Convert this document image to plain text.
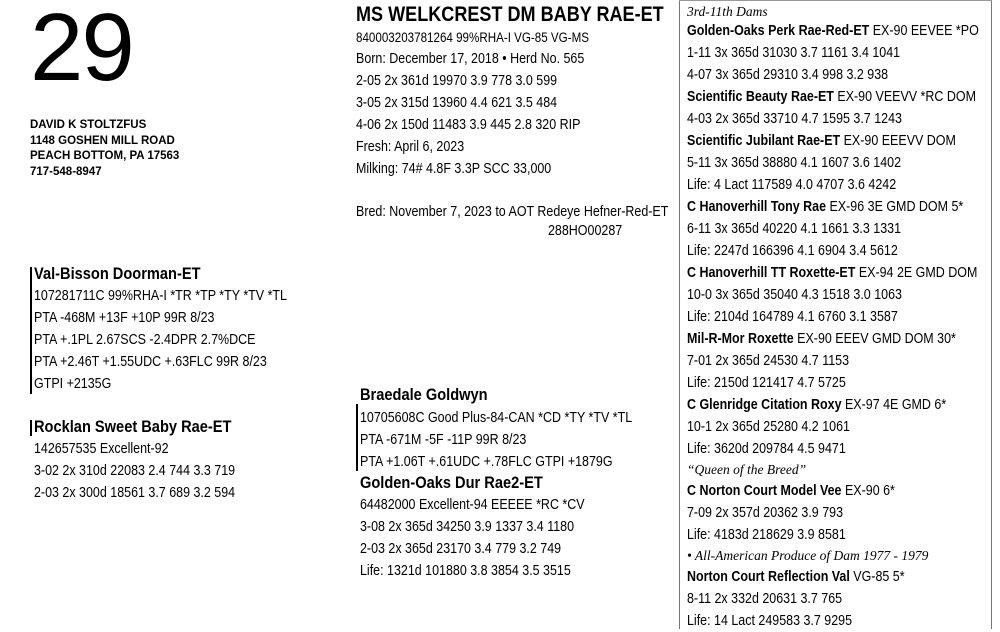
29
DAVID K STOLTZFUS
1148 GOSHEN MILL ROAD
PEACH BOTTOM, PA 17563
717-548-8947
MS WELKCREST DM BABY RAE-ET
840003203781264 99%RHA-I VG-85 VG-MS
Born: December 17, 2018 • Herd No. 565
2-05 2x 361d 19970 3.9 778 3.0 599
3-05 2x 315d 13960 4.4 621 3.5 484
4-06 2x 150d 11483 3.9 445 2.8 320 RIP
Fresh: April 6, 2023
Milking: 74# 4.8F 3.3P SCC 33,000
Bred: November 7, 2023 to AOT Redeye Hefner-Red-ET
288HO00287
Val-Bisson Doorman-ET
107281711C 99%RHA-I *TR *TP *TY *TV *TL
PTA -468M +13F +10P 99R 8/23
PTA +.1PL 2.67SCS -2.4DPR 2.7%DCE
PTA +2.46T +1.55UDC +.63FLC 99R 8/23
GTPI +2135G
Rocklan Sweet Baby Rae-ET
142657535 Excellent-92
3-02 2x 310d 22083 2.4 744 3.3 719
2-03 2x 300d 18561 3.7 689 3.2 594
Braedale Goldwyn
10705608C Good Plus-84-CAN *CD *TY *TV *TL
PTA -671M -5F -11P 99R 8/23
PTA +1.06T +.61UDC +.78FLC GTPI +1879G
Golden-Oaks Dur Rae2-ET
64482000 Excellent-94 EEEEE *RC *CV
3-08 2x 365d 34250 3.9 1337 3.4 1180
2-03 2x 365d 23170 3.4 779 3.2 749
Life: 1321d 101880 3.8 3854 3.5 3515
3rd-11th Dams
Golden-Oaks Perk Rae-Red-ET EX-90 EEVEE *PO
1-11 3x 365d 31030 3.7 1161 3.4 1041
4-07 3x 365d 29310 3.4 998 3.2 938
Scientific Beauty Rae-ET EX-90 VEEVV *RC DOM
4-03 2x 365d 33710 4.7 1595 3.7 1243
Scientific Jubilant Rae-ET EX-90 EEEVV DOM
5-11 3x 365d 38880 4.1 1607 3.6 1402
Life: 4 Lact 117589 4.0 4707 3.6 4242
C Hanoverhill Tony Rae EX-96 3E GMD DOM 5*
6-11 3x 365d 40220 4.1 1661 3.3 1331
Life: 2247d 166396 4.1 6904 3.4 5612
C Hanoverhill TT Roxette-ET EX-94 2E GMD DOM
10-0 3x 365d 35040 4.3 1518 3.0 1063
Life: 2104d 164789 4.1 6760 3.1 3587
Mil-R-Mor Roxette EX-90 EEEV GMD DOM 30*
7-01 2x 365d 24530 4.7 1153
Life: 2150d 121417 4.7 5725
C Glenridge Citation Roxy EX-97 4E GMD 6*
10-1 2x 365d 25280 4.2 1061
Life: 3620d 209784 4.5 9471
“Queen of the Breed”
C Norton Court Model Vee EX-90 6*
7-09 2x 357d 20362 3.9 793
Life: 4183d 218629 3.9 8581
• All-American Produce of Dam 1977 - 1979
Norton Court Reflection Val VG-85 5*
8-11 2x 332d 20631 3.7 765
Life: 14 Lact 249583 3.7 9295
